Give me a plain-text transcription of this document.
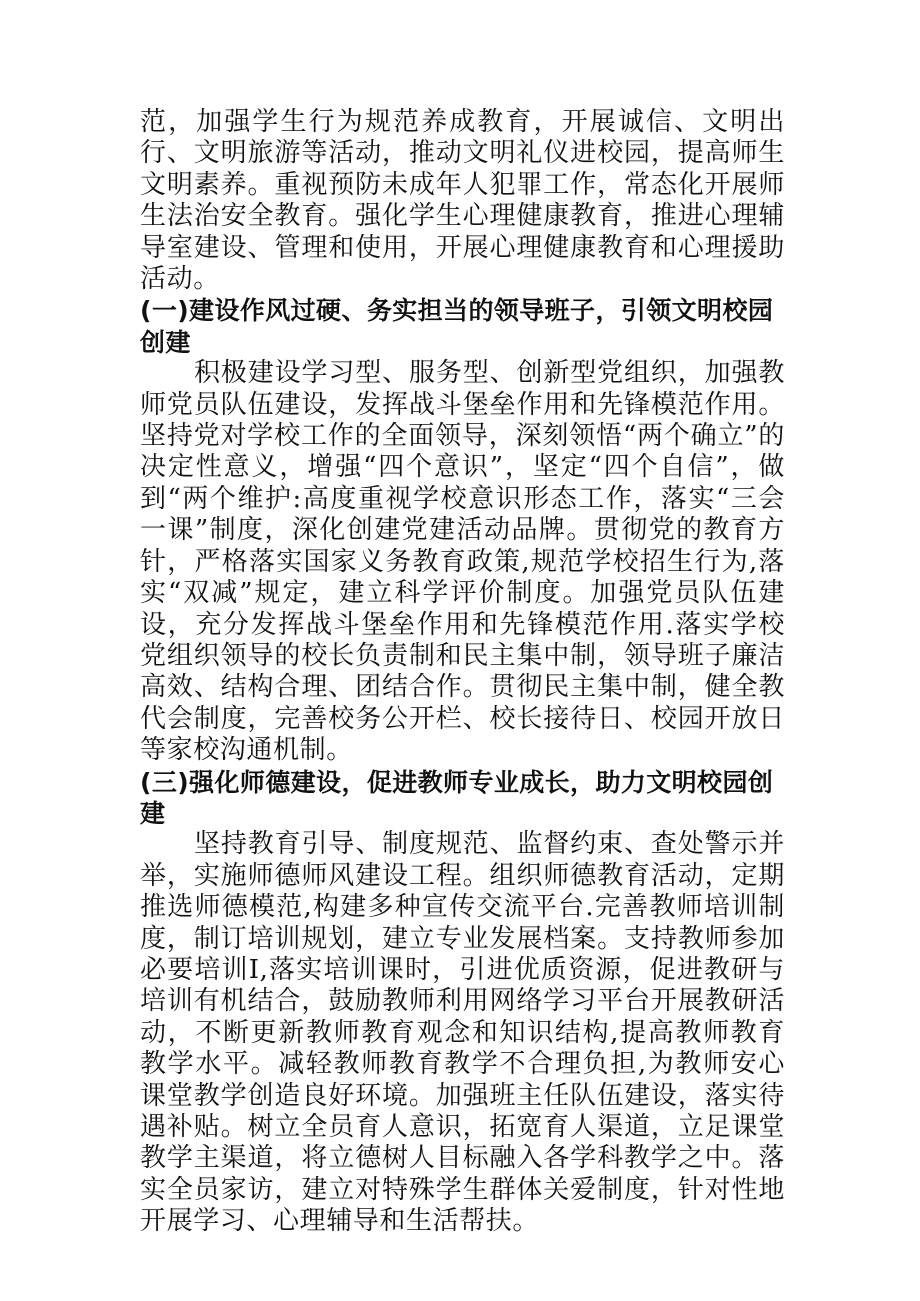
范，加强学生行为规范养成教育，开展诚信、文明出行、文明旅游等活动，推动文明礼仪进校园，提高师生文明素养。重视预防未成年人犯罪工作，常态化开展师生法治安全教育。强化学生心理健康教育，推进心理辅导室建设、管理和使用，开展心理健康教育和心理援助活动。

(一)建设作风过硬、务实担当的领导班子，引领文明校园创建

积极建设学习型、服务型、创新型党组织，加强教师党员队伍建设，发挥战斗堡垒作用和先锋模范作用。坚持党对学校工作的全面领导，深刻领悟“两个确立”的决定性意义，增强“四个意识”，坚定“四个自信”，做到“两个维护:高度重视学校意识形态工作，落实“三会一课”制度，深化创建党建活动品牌。贯彻党的教育方针，严格落实国家义务教育政策,规范学校招生行为,落实“双减”规定，建立科学评价制度。加强党员队伍建设，充分发挥战斗堡垒作用和先锋模范作用.落实学校党组织领导的校长负责制和民主集中制，领导班子廉洁高效、结构合理、团结合作。贯彻民主集中制，健全教代会制度，完善校务公开栏、校长接待日、校园开放日等家校沟通机制。

(三)强化师德建设，促进教师专业成长，助力文明校园创建

坚持教育引导、制度规范、监督约束、查处警示并举，实施师德师风建设工程。组织师德教育活动，定期推选师德模范,构建多种宣传交流平台.完善教师培训制度，制订培训规划，建立专业发展档案。支持教师参加必要培训I,落实培训课时，引进优质资源，促进教研与培训有机结合，鼓励教师利用网络学习平台开展教研活动，不断更新教师教育观念和知识结构,提高教师教育教学水平。减轻教师教育教学不合理负担,为教师安心课堂教学创造良好环境。加强班主任队伍建设，落实待遇补贴。树立全员育人意识，拓宽育人渠道，立足课堂教学主渠道，将立德树人目标融入各学科教学之中。落实全员家访，建立对特殊学生群体关爱制度，针对性地开展学习、心理辅导和生活帮扶。
